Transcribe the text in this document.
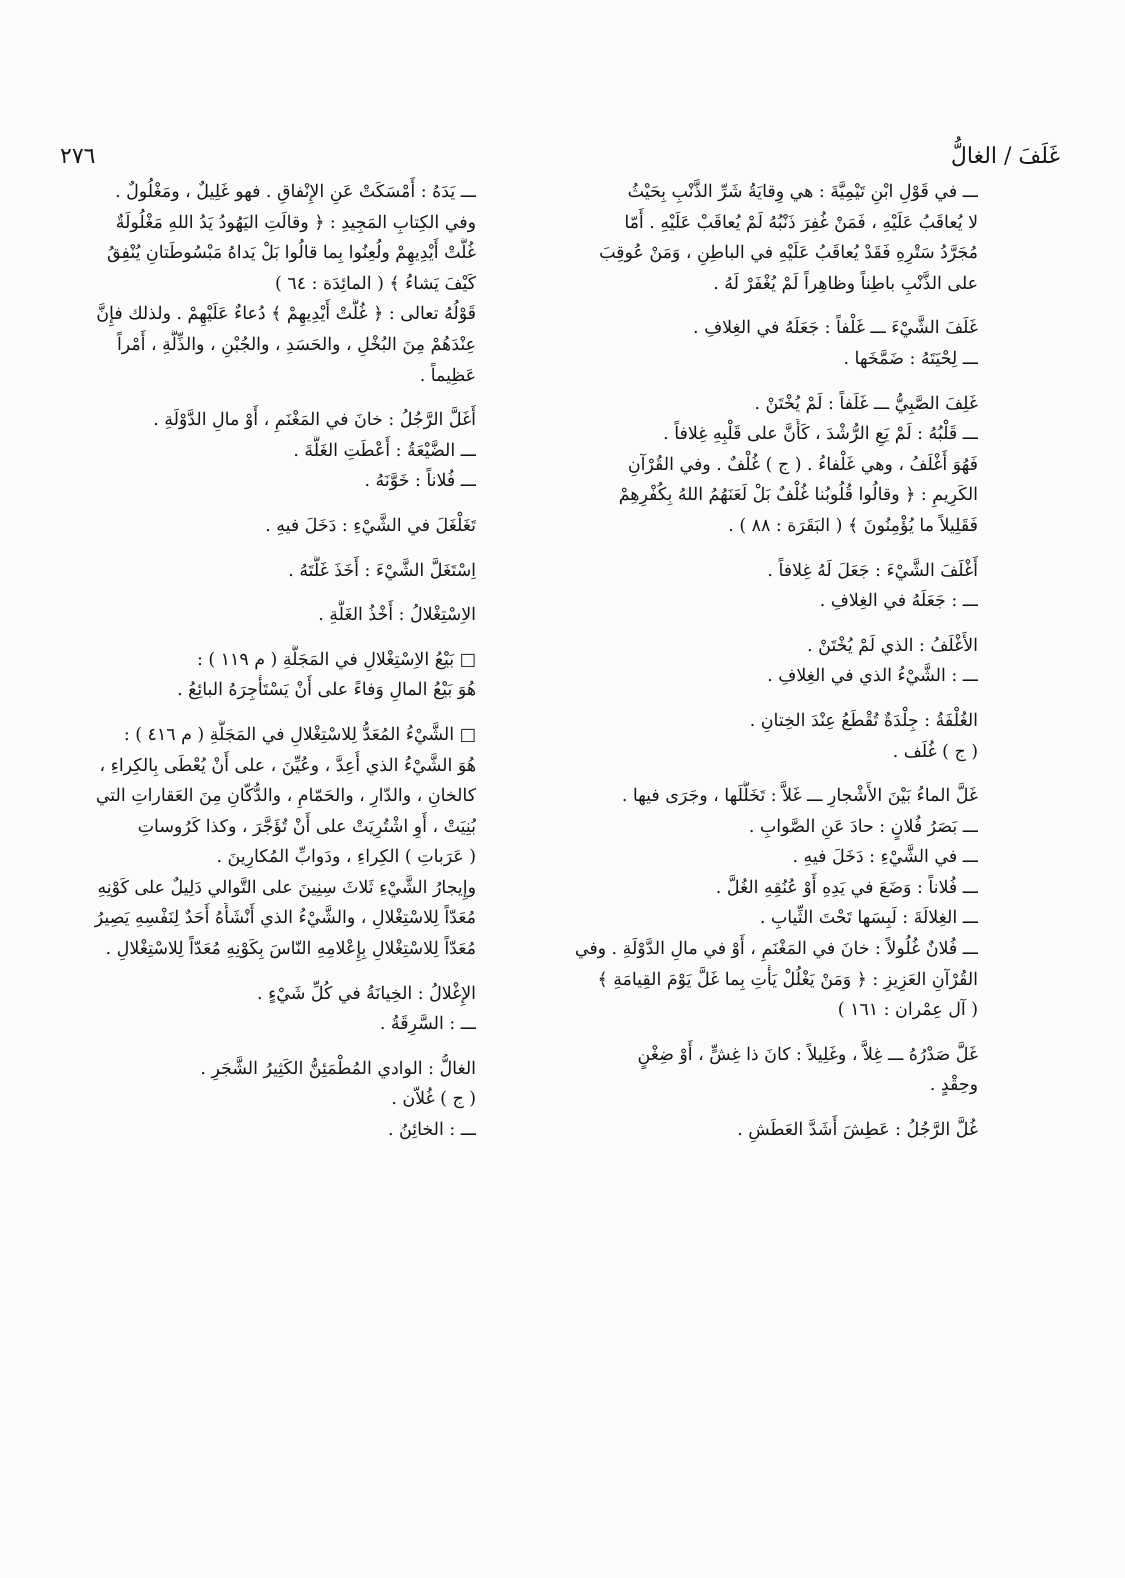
٢٧٦	غَلَفَ / الغالُّ
ـــ في قَوْلِ ابْنِ تَيْمِيَّةَ : هي وِقايَةُ شَرِّ الذَّنْبِ بِحَيْثُ
لا يُعاقَبُ عَلَيْهِ ، فَمَنْ غُفِرَ ذَنْبُهُ لَمْ يُعاقَبْ عَلَيْهِ . أَمّا
مُجَرَّدُ سَتْرِهِ فَقَدْ يُعاقَبُ عَلَيْهِ في الباطِنِ ، وَمَنْ عُوقِبَ
على الذَّنْبِ باطِناً وظاهِراً لَمْ يُغْفَرْ لَهُ .
غَلَفَ الشَّيْءَ ـــ غَلْفاً : جَعَلَهُ في الغِلافِ .
ـــ لِحْيَتَهُ : ضَمَّخَها .
غَلِفَ الصَّبِيُّ ـــ غَلَفاً : لَمْ يُخْتَنْ .
ـــ قَلْبُهُ : لَمْ يَعِ الرُّشْدَ ، كَأَنَّ على قَلْبِهِ غِلافاً .
فَهُوَ أَغْلَفُ ، وهي غَلْفاءُ . ( ج ) غُلْفٌ . وفي القُرْآنِ
الكَرِيمِ : ﴿ وقالُوا قُلُوبُنا غُلْفٌ بَلْ لَعَنَهُمُ اللهُ بِكُفْرِهِمْ
فَقَلِيلاً ما يُؤْمِنُونَ ﴾ ( البَقَرَة : ٨٨ ) .
أَغْلَفَ الشَّيْءَ : جَعَلَ لَهُ غِلافاً .
ـــ : جَعَلَهُ في الغِلافِ .
الأَغْلَفُ : الذي لَمْ يُخْتَنْ .
ـــ : الشَّيْءُ الذي في الغِلافِ .
الغُلْفَةُ : جِلْدَةٌ تُقْطَعُ عِنْدَ الخِتانِ .
( ج ) غُلَف .
غَلَّ الماءُ بَيْنَ الأَشْجارِ ـــ غَلاًّ : تَخَلَّلَها ، وجَرَى فيها .
ـــ بَصَرُ فُلانٍ : حادَ عَنِ الصَّوابِ .
ـــ في الشَّيْءِ : دَخَلَ فيهِ .
ـــ فُلاناً : وَضَعَ في يَدِهِ أَوْ عُنُقِهِ الغُلَّ .
ـــ الغِلالَةَ : لَبِسَها تَحْتَ الثِّيابِ .
ـــ فُلانٌ غُلُولاً : خانَ في المَغْنَمِ ، أَوْ في مالِ الدَّوْلَةِ . وفي
القُرْآنِ العَزِيزِ : ﴿ وَمَنْ يَغْلُلْ يَأْتِ بِما غَلَّ يَوْمَ القِيامَةِ ﴾
( آل عِمْران : ١٦١ )
غَلَّ صَدْرُهُ ـــ غِلاًّ ، وغَلِيلاً : كانَ ذا غِشٍّ ، أَوْ ضِغْنٍ
وحِقْدٍ .
غُلَّ الرَّجُلُ : عَطِشَ أَشَدَّ العَطَشِ .
ـــ يَدَهُ : أَمْسَكَتْ عَنِ الإِنْفاقِ . فهو غَلِيلٌ ، ومَغْلُولٌ .
وفي الكِتابِ المَجِيدِ : ﴿ وقالَتِ اليَهُودُ يَدُ اللهِ مَغْلُولَةٌ
غُلَّتْ أَيْدِيهِمْ ولُعِنُوا بِما قالُوا بَلْ يَداهُ مَبْسُوطَتانِ يُنْفِقُ
كَيْفَ يَشاءُ ﴾ ( المائِدَة : ٦٤ )
قَوْلُهُ تعالى : ﴿ غُلَّتْ أَيْدِيهِمْ ﴾ دُعاءٌ عَلَيْهِمْ . ولذلك فإِنَّ
عِنْدَهُمْ مِنَ البُخْلِ ، والحَسَدِ ، والجُبْنِ ، والذِّلَّةِ ، أَمْراً
عَظِيماً .
أَغَلَّ الرَّجُلُ : خانَ في المَغْنَمِ ، أَوْ مالِ الدَّوْلَةِ .
ـــ الضَّيْعَةُ : أَعْطَتِ الغَلَّةَ .
ـــ فُلاناً : خَوَّنَهُ .
تَغَلْغَلَ في الشَّيْءِ : دَخَلَ فيهِ .
اِسْتَغَلَّ الشَّيْءَ : أَخَذَ غَلَّتَهُ .
الاِسْتِغْلالُ : أَخْذُ الغَلَّةِ .
□ بَيْعُ الاِسْتِغْلالِ في المَجَلَّةِ ( م ١١٩ ) :
هُوَ بَيْعُ المالِ وَفاءً على أَنْ يَسْتَأْجِرَهُ البائِعُ .
□ الشَّيْءُ المُعَدُّ لِلاسْتِغْلالِ في المَجَلَّةِ ( م ٤١٦ ) :
هُوَ الشَّيْءُ الذي أُعِدَّ ، وعُيِّنَ ، على أَنْ يُعْطَى بِالكِراءِ ،
كالخانِ ، والدّارِ ، والحَمّامِ ، والدُّكّانِ مِنَ العَقاراتِ التي
بُنِيَتْ ، أَوِ اشْتُرِيَتْ على أَنْ تُؤَجَّرَ ، وكذا كَرُوساتِ
( عَرَباتِ ) الكِراءِ ، ودَوابِّ المُكارِينَ .
وإِيجارُ الشَّيْءِ ثَلاثَ سِنِينَ على التَّوالي دَلِيلٌ على كَوْنِهِ
مُعَدّاً لِلاسْتِغْلالِ ، والشَّيْءُ الذي أَنْشَأَهُ أَحَدٌ لِنَفْسِهِ يَصِيرُ
مُعَدّاً لِلاسْتِغْلالِ بِإِعْلامِهِ النّاسَ بِكَوْنِهِ مُعَدّاً لِلاسْتِغْلالِ .
الإِغْلالُ : الخِيانَةُ في كُلِّ شَيْءٍ .
ـــ : السَّرِقَةُ .
الغالُّ : الوادي المُطْمَئِنُّ الكَثِيرُ الشَّجَرِ .
( ج ) غُلاّن .
ـــ : الخائِنُ .
